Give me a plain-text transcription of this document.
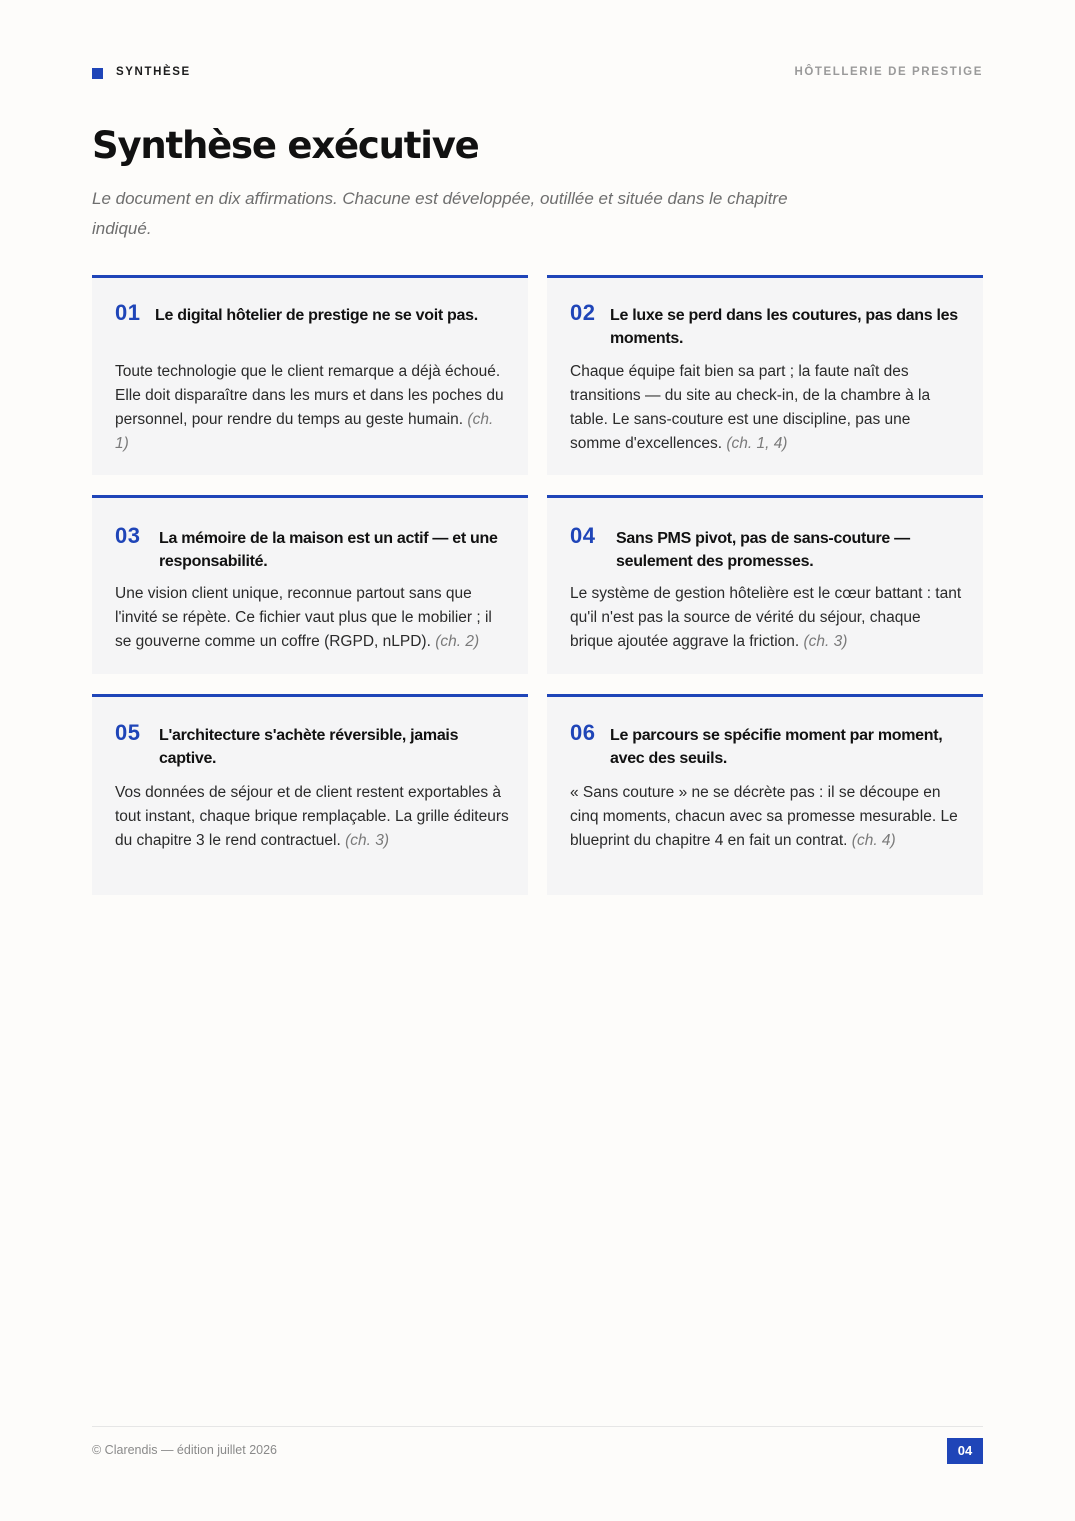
SYNTHÈSE	HÔTELLERIE DE PRESTIGE
Synthèse exécutive

Le document en dix affirmations. Chacune est développée, outillée et située dans le chapitre indiqué.

01 Le digital hôtelier de prestige ne se voit pas.

Toute technologie que le client remarque a déjà échoué. Elle doit disparaître dans les murs et dans les poches du personnel, pour rendre du temps au geste humain. (ch. 1)

02 Le luxe se perd dans les coutures, pas dans les moments.

Chaque équipe fait bien sa part ; la faute naît des transitions — du site au check-in, de la chambre à la table. Le sans-couture est une discipline, pas une somme d'excellences. (ch. 1, 4)

03 La mémoire de la maison est un actif — et une responsabilité.

Une vision client unique, reconnue partout sans que l'invité se répète. Ce fichier vaut plus que le mobilier ; il se gouverne comme un coffre (RGPD, nLPD). (ch. 2)

04 Sans PMS pivot, pas de sans-couture — seulement des promesses.

Le système de gestion hôtelière est le cœur battant : tant qu'il n'est pas la source de vérité du séjour, chaque brique ajoutée aggrave la friction. (ch. 3)

05 L'architecture s'achète réversible, jamais captive.

Vos données de séjour et de client restent exportables à tout instant, chaque brique remplaçable. La grille éditeurs du chapitre 3 le rend contractuel. (ch. 3)

06 Le parcours se spécifie moment par moment, avec des seuils.

« Sans couture » ne se décrète pas : il se découpe en cinq moments, chacun avec sa promesse mesurable. Le blueprint du chapitre 4 en fait un contrat. (ch. 4)

© Clarendis — édition juillet 2026	04
